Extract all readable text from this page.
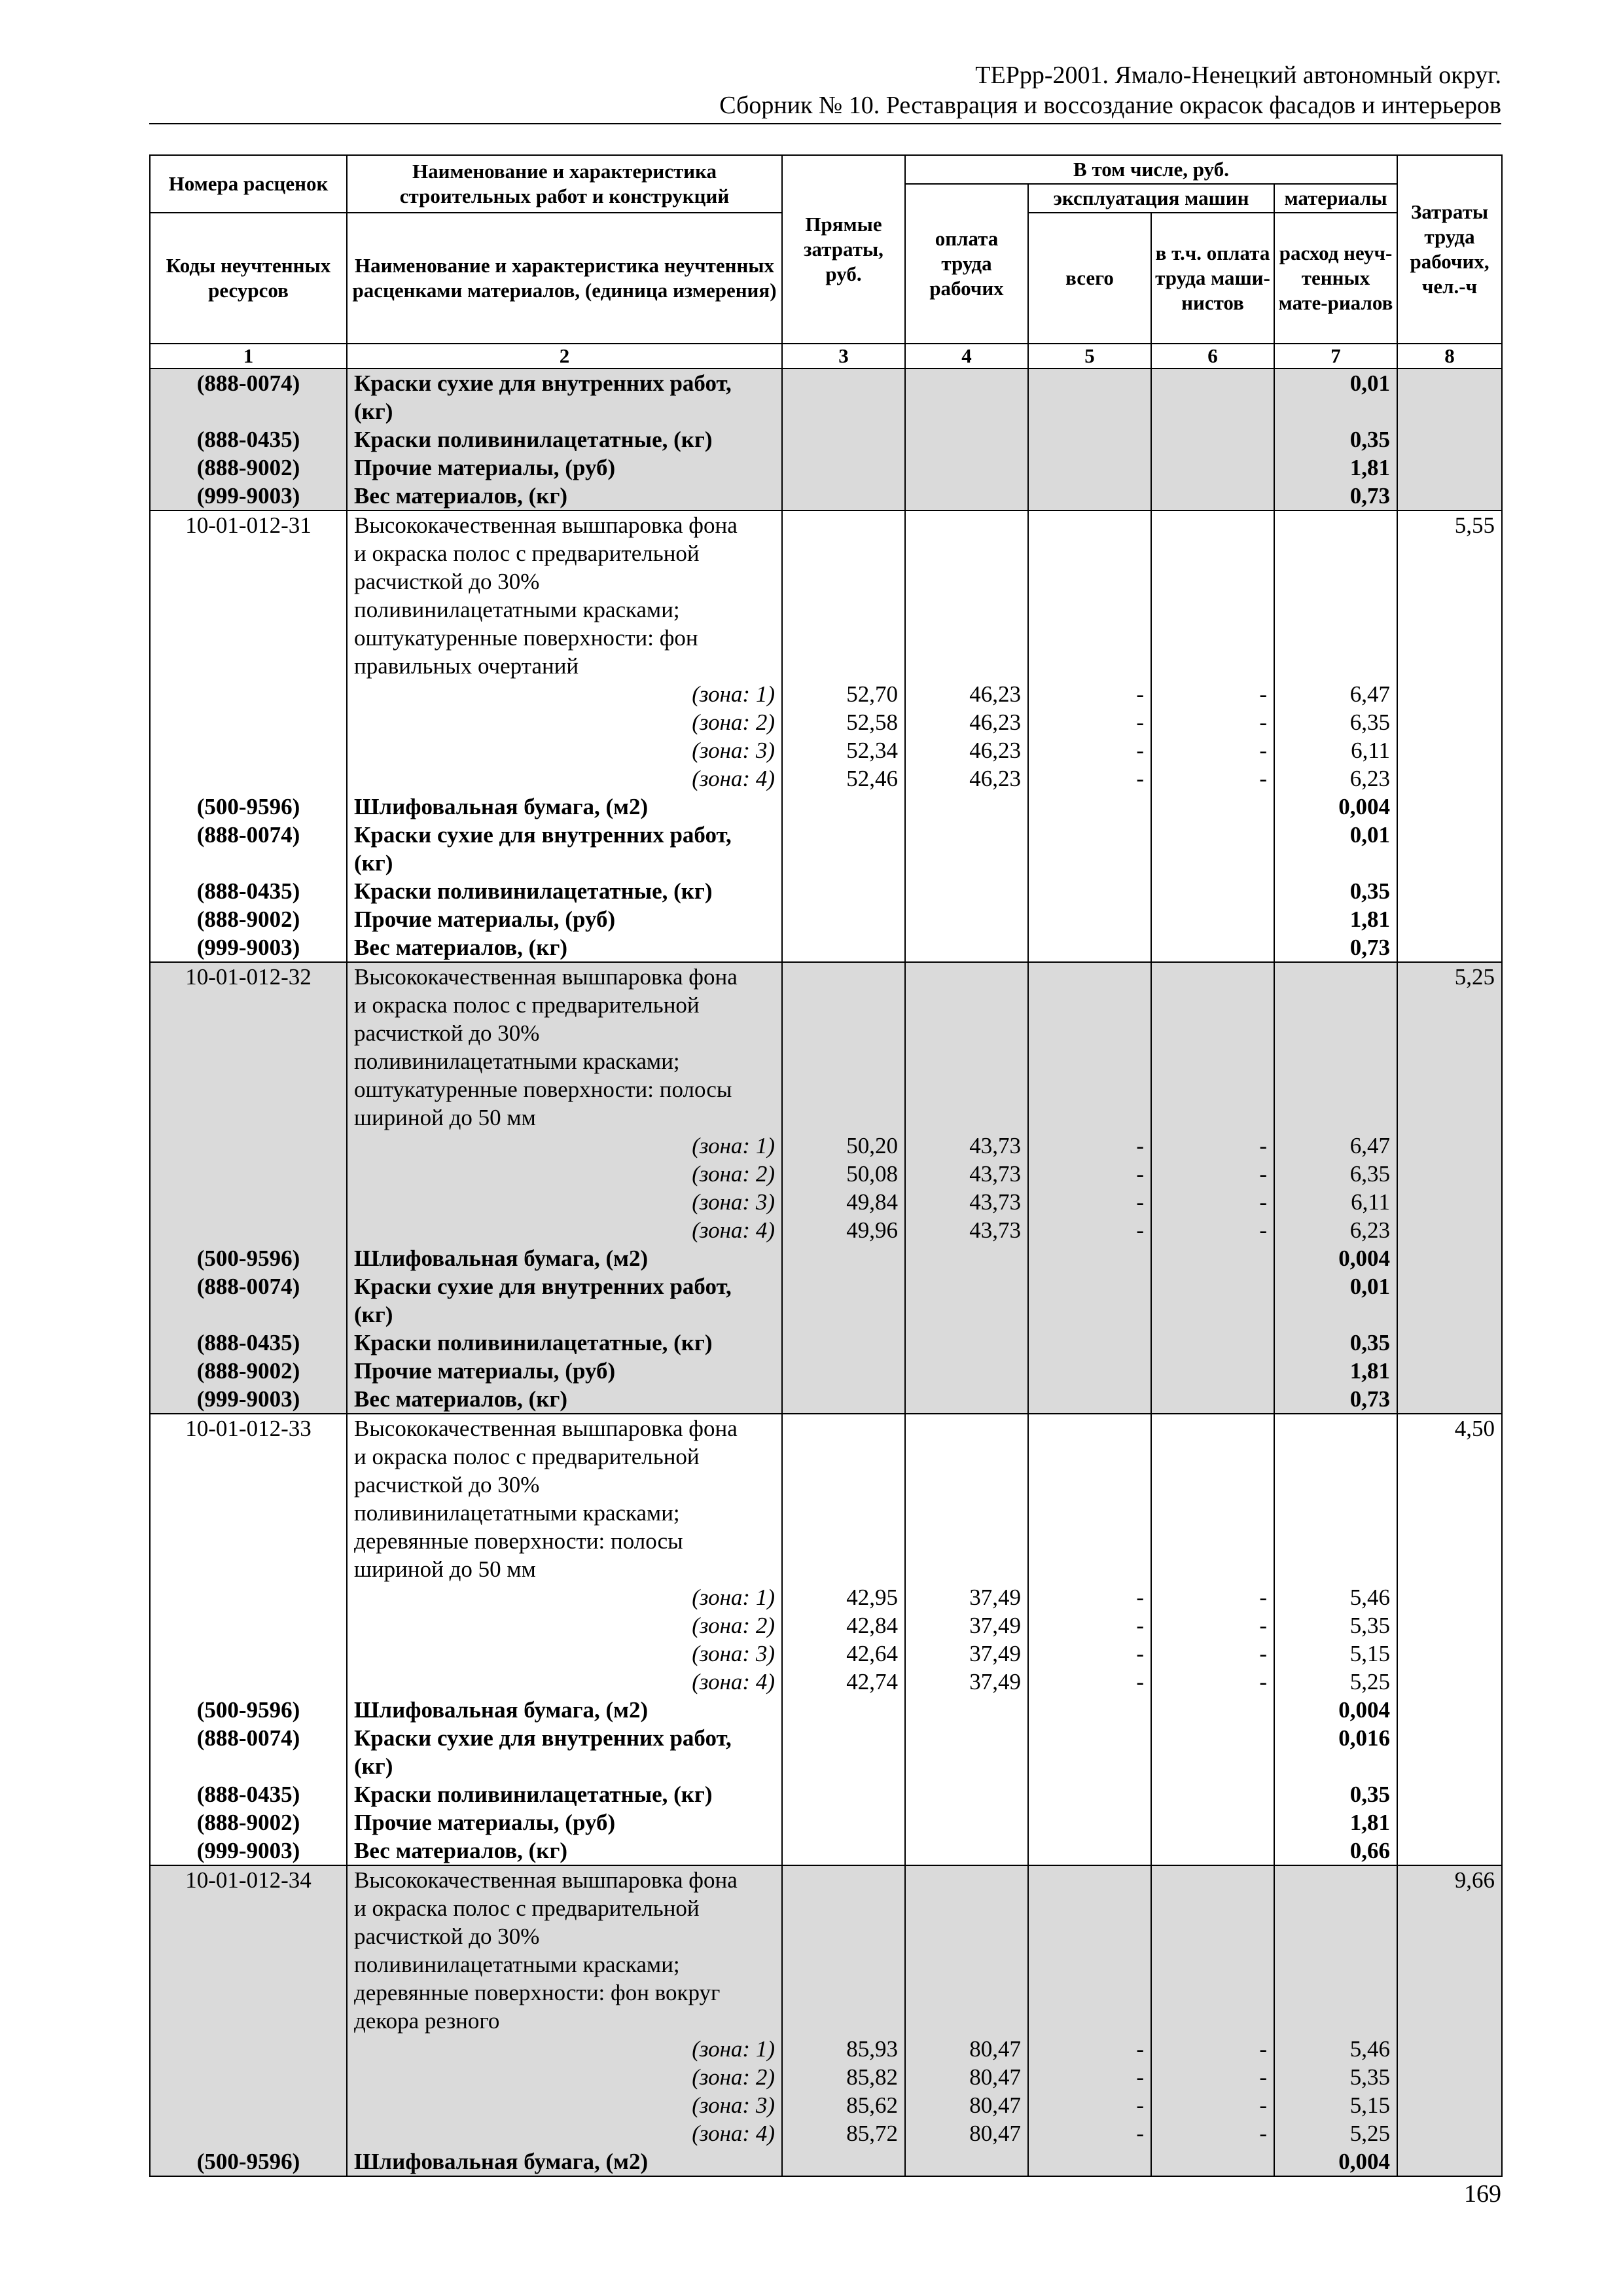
ТЕРрр-2001. Ямало-Ненецкий автономный округ.
Сборник № 10. Реставрация и воссоздание окрасок фасадов и интерьеров
Номера расценок	Наименование и характеристика строительных работ и конструкций	Прямые затраты, руб.	В том числе, руб.				Затраты труда рабочих, чел.-ч
			оплата труда рабочих	эксплуатация машин		материалы	
Коды неучтенных ресурсов	Наименование и характеристика неучтенных расценками материалов, (единица измерения)			всего	в т.ч. оплата труда маши-нистов	расход неуч-тенных мате-риалов	

1	2	3	4	5	6	7	8
(888-0074)	Краски сухие для внутренних работ,					0,01	
	(кг)						
(888-0435)	Краски поливинилацетатные, (кг)					0,35	
(888-9002)	Прочие материалы, (руб)					1,81	
(999-9003)	Вес материалов, (кг)					0,73	
10-01-012-31	Высококачественная вышпаровка фона						5,55
	и окраска полос с предварительной						
	расчисткой до 30%						
	поливинилацетатными красками;						
	оштукатуренные поверхности: фон						
	правильных очертаний						
	(зона: 1)	52,70	46,23	-	-	6,47	
	(зона: 2)	52,58	46,23	-	-	6,35	
	(зона: 3)	52,34	46,23	-	-	6,11	
	(зона: 4)	52,46	46,23	-	-	6,23	
(500-9596)	Шлифовальная бумага, (м2)					0,004	
(888-0074)	Краски сухие для внутренних работ,					0,01	
	(кг)						
(888-0435)	Краски поливинилацетатные, (кг)					0,35	
(888-9002)	Прочие материалы, (руб)					1,81	
(999-9003)	Вес материалов, (кг)					0,73	
10-01-012-32	Высококачественная вышпаровка фона						5,25
	и окраска полос с предварительной						
	расчисткой до 30%						
	поливинилацетатными красками;						
	оштукатуренные поверхности: полосы						
	шириной до 50 мм						
	(зона: 1)	50,20	43,73	-	-	6,47	
	(зона: 2)	50,08	43,73	-	-	6,35	
	(зона: 3)	49,84	43,73	-	-	6,11	
	(зона: 4)	49,96	43,73	-	-	6,23	
(500-9596)	Шлифовальная бумага, (м2)					0,004	
(888-0074)	Краски сухие для внутренних работ,					0,01	
	(кг)						
(888-0435)	Краски поливинилацетатные, (кг)					0,35	
(888-9002)	Прочие материалы, (руб)					1,81	
(999-9003)	Вес материалов, (кг)					0,73	
10-01-012-33	Высококачественная вышпаровка фона						4,50
	и окраска полос с предварительной						
	расчисткой до 30%						
	поливинилацетатными красками;						
	деревянные поверхности: полосы						
	шириной до 50 мм						
	(зона: 1)	42,95	37,49	-	-	5,46	
	(зона: 2)	42,84	37,49	-	-	5,35	
	(зона: 3)	42,64	37,49	-	-	5,15	
	(зона: 4)	42,74	37,49	-	-	5,25	
(500-9596)	Шлифовальная бумага, (м2)					0,004	
(888-0074)	Краски сухие для внутренних работ,					0,016	
	(кг)						
(888-0435)	Краски поливинилацетатные, (кг)					0,35	
(888-9002)	Прочие материалы, (руб)					1,81	
(999-9003)	Вес материалов, (кг)					0,66	
10-01-012-34	Высококачественная вышпаровка фона						9,66
	и окраска полос с предварительной						
	расчисткой до 30%						
	поливинилацетатными красками;						
	деревянные поверхности: фон вокруг						
	декора резного						
	(зона: 1)	85,93	80,47	-	-	5,46	
	(зона: 2)	85,82	80,47	-	-	5,35	
	(зона: 3)	85,62	80,47	-	-	5,15	
	(зона: 4)	85,72	80,47	-	-	5,25	
(500-9596)	Шлифовальная бумага, (м2)					0,004	
169
